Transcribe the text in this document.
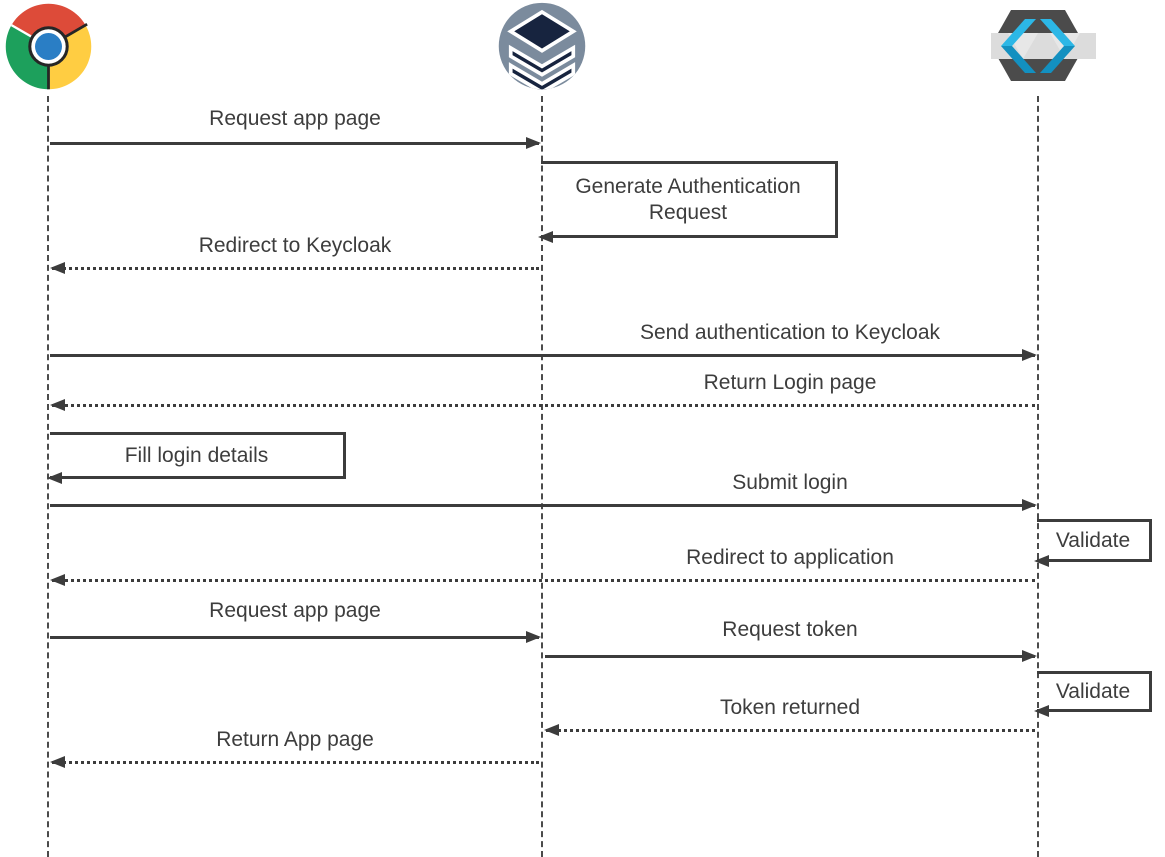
Request app page
Generate Authentication Request
Redirect to Keycloak
Send authentication to Keycloak
Return Login page
Fill login details
Submit login
Validate
Redirect to application
Request app page
Request token
Validate
Token returned
Return App page
